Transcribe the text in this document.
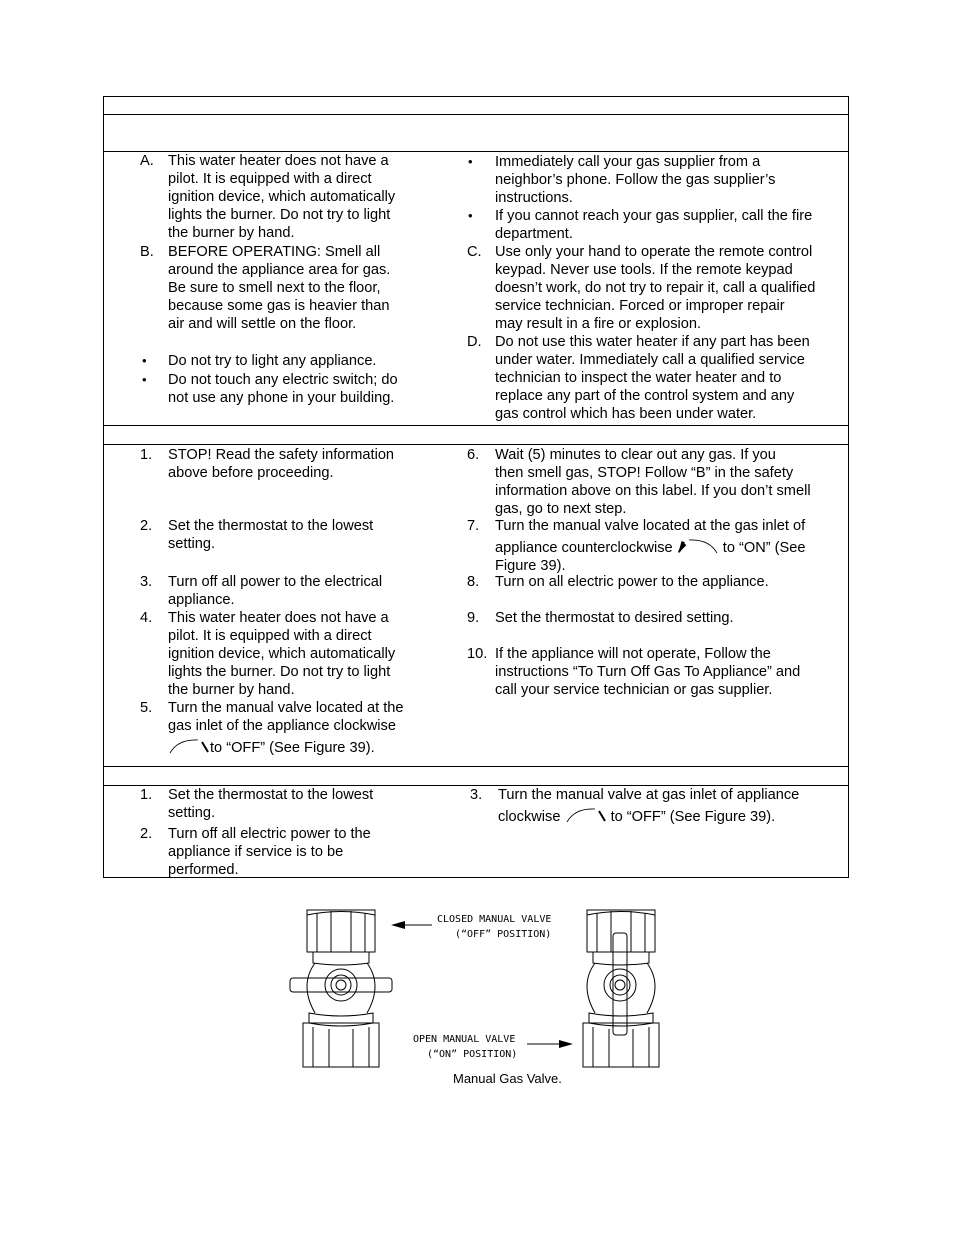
A. This water heater does not have a
pilot. It is equipped with a direct
ignition device, which automatically
lights the burner. Do not try to light
the burner by hand.
B. BEFORE OPERATING: Smell all
around the appliance area for gas.
Be sure to smell next to the floor,
because some gas is heavier than
air and will settle on the floor.
• Do not try to light any appliance.
• Do not touch any electric switch; do
not use any phone in your building.
• Immediately call your gas supplier from a
neighbor’s phone. Follow the gas supplier’s
instructions.
• If you cannot reach your gas supplier, call the fire
department.
C. Use only your hand to operate the remote control
keypad. Never use tools. If the remote keypad
doesn’t work, do not try to repair it, call a qualified
service technician. Forced or improper repair
may result in a fire or explosion.
D. Do not use this water heater if any part has been
under water. Immediately call a qualified service
technician to inspect the water heater and to
replace any part of the control system and any
gas control which has been under water.
1. STOP! Read the safety information
above before proceeding.
2. Set the thermostat to the lowest
setting.
3. Turn off all power to the electrical
appliance.
4. This water heater does not have a
pilot. It is equipped with a direct
ignition device, which automatically
lights the burner. Do not try to light
the burner by hand.
5. Turn the manual valve located at the
gas inlet of the appliance clockwise
to “OFF” (See Figure 39).
6. Wait (5) minutes to clear out any gas. If you
then smell gas, STOP! Follow “B” in the safety
information above on this label. If you don’t smell
gas, go to next step.
7. Turn the manual valve located at the gas inlet of
appliance counterclockwise	to “ON” (See
Figure 39).
8. Turn on all electric power to the appliance.
9. Set the thermostat to desired setting.
10. If the appliance will not operate, Follow the
instructions “To Turn Off Gas To Appliance” and
call your service technician or gas supplier.
1. Set the thermostat to the lowest
setting.
2. Turn off all electric power to the
appliance if service is to be
performed.
3. Turn the manual valve at gas inlet of appliance
clockwise	to “OFF” (See Figure 39).
CLOSED MANUAL VALVE
(“OFF” POSITION)
OPEN MANUAL VALVE
(“ON” POSITION)
Manual Gas Valve.
